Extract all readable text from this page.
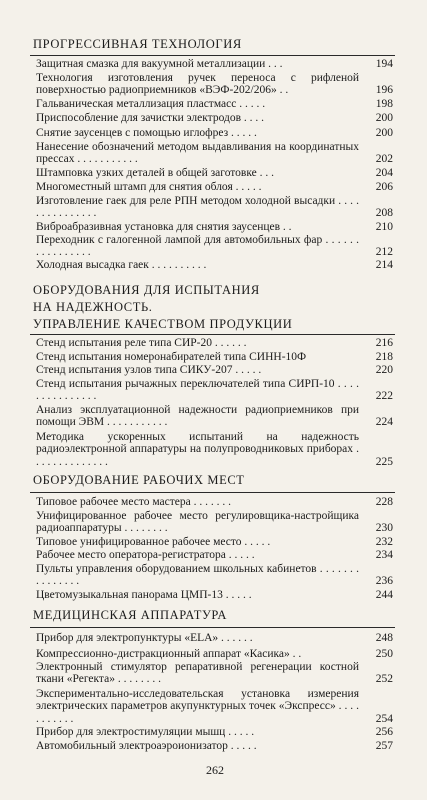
ПРОГРЕССИВНАЯ ТЕХНОЛОГИЯ
Защитная смазка для вакуумной металлизации . . .	194
Технология изготовления ручек переноса с рифленой поверхностью радиоприемников «ВЭФ-202/206» . .	196
Гальваническая металлизация пластмасс . . . . .	198
Приспособление для зачистки электродов . . . .	200
Снятие заусенцев с помощью иглофрез . . . . .	200
Нанесение обозначений методом выдавливания на координатных прессах . . . . . . . . . . .	202
Штамповка узких деталей в общей заготовке . . .	204
Многоместный штамп для снятия облоя . . . . .	206
Изготовление гаек для реле РПН методом холодной высадки . . . . . . . . . . . . . . .	208
Виброабразивная установка для снятия заусенцев . .	210
Переходник с галогенной лампой для автомобильных фар . . . . . . . . . . . . . . . .	212
Холодная высадка гаек . . . . . . . . . .	214
ОБОРУДОВАНИЯ ДЛЯ ИСПЫТАНИЯ
НА НАДЕЖНОСТЬ.
УПРАВЛЕНИЕ КАЧЕСТВОМ ПРОДУКЦИИ
Стенд испытания реле типа СИР-20 . . . . . .	216
Стенд испытания номеронабирателей типа СИНН-10Ф	218
Стенд испытания узлов типа СИКУ-207 . . . . .	220
Стенд испытания рычажных переключателей типа СИРП-10 . . . . . . . . . . . . . . .	222
Анализ эксплуатационной надежности радиоприемников при помощи ЭВМ . . . . . . . . . . .	224
Методика ускоренных испытаний на надежность радиоэлектронной аппаратуры на полупроводниковых приборах . . . . . . . . . . . . . .	225
ОБОРУДОВАНИЕ РАБОЧИХ МЕСТ
Типовое рабочее место мастера . . . . . . .	228
Унифицированное рабочее место регулировщика-настройщика радиоаппаратуры . . . . . . . .	230
Типовое унифицированное рабочее место . . . . .	232
Рабочее место оператора-регистратора . . . . .	234
Пульты управления оборудованием школьных кабинетов . . . . . . . . . . . . . . .	236
Цветомузыкальная панорама ЦМП-13 . . . . .	244
МЕДИЦИНСКАЯ АППАРАТУРА
Прибор для электропунктуры «ELA» . . . . . .	248
Компрессионно-дистракционный аппарат «Касика» . .	250
Электронный стимулятор репаративной регенерации костной ткани «Регекта» . . . . . . . .	252
Экспериментально-исследовательская установка измерения электрических параметров акупунктурных точек «Экспресс» . . . . . . . . . . .	254
Прибор для электростимуляции мышц . . . . .	256
Автомобильный электроаэроионизатор . . . . .	257
262
